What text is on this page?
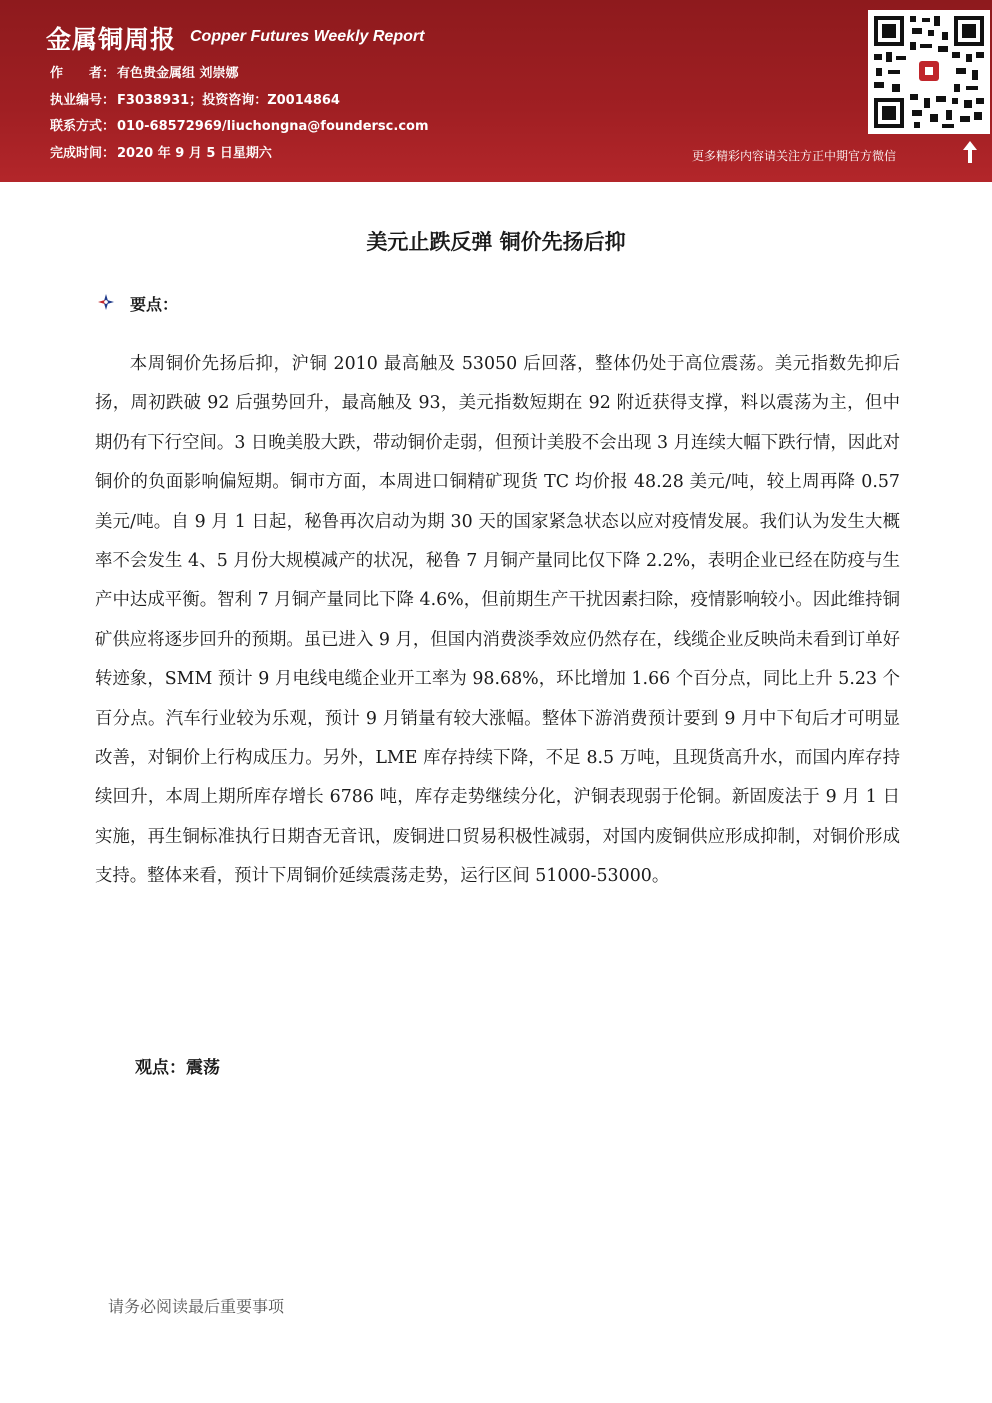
金属铜周报 Copper Futures Weekly Report
作　　者： 有色贵金属组 刘崇娜
执业编号： F3038931；投资咨询：Z0014864
联系方式： 010-68572969/liuchongna@foundersc.com
完成时间： 2020 年 9 月 5 日星期六	更多精彩内容请关注方正中期官方微信
美元止跌反弹 铜价先扬后抑
要点：

本周铜价先扬后抑，沪铜 2010 最高触及 53050 后回落，整体仍处于高位震荡。美元指数先抑后扬，周初跌破 92 后强势回升，最高触及 93，美元指数短期在 92 附近获得支撑，料以震荡为主，但中期仍有下行空间。3 日晚美股大跌，带动铜价走弱，但预计美股不会出现 3 月连续大幅下跌行情，因此对铜价的负面影响偏短期。铜市方面，本周进口铜精矿现货 TC 均价报 48.28 美元/吨，较上周再降 0.57 美元/吨。自 9 月 1 日起，秘鲁再次启动为期 30 天的国家紧急状态以应对疫情发展。我们认为发生大概率不会发生 4、5 月份大规模减产的状况，秘鲁 7 月铜产量同比仅下降 2.2%，表明企业已经在防疫与生产中达成平衡。智利 7 月铜产量同比下降 4.6%，但前期生产干扰因素扫除，疫情影响较小。因此维持铜矿供应将逐步回升的预期。虽已进入 9 月，但国内消费淡季效应仍然存在，线缆企业反映尚未看到订单好转迹象，SMM 预计 9 月电线电缆企业开工率为 98.68%，环比增加 1.66 个百分点，同比上升 5.23 个百分点。汽车行业较为乐观，预计 9 月销量有较大涨幅。整体下游消费预计要到 9 月中下旬后才可明显改善，对铜价上行构成压力。另外，LME 库存持续下降，不足 8.5 万吨，且现货高升水，而国内库存持续回升，本周上期所库存增长 6786 吨，库存走势继续分化，沪铜表现弱于伦铜。新固废法于 9 月 1 日实施，再生铜标准执行日期杳无音讯，废铜进口贸易积极性减弱，对国内废铜供应形成抑制，对铜价形成支持。整体来看，预计下周铜价延续震荡走势，运行区间 51000-53000。

观点：震荡
请务必阅读最后重要事项
